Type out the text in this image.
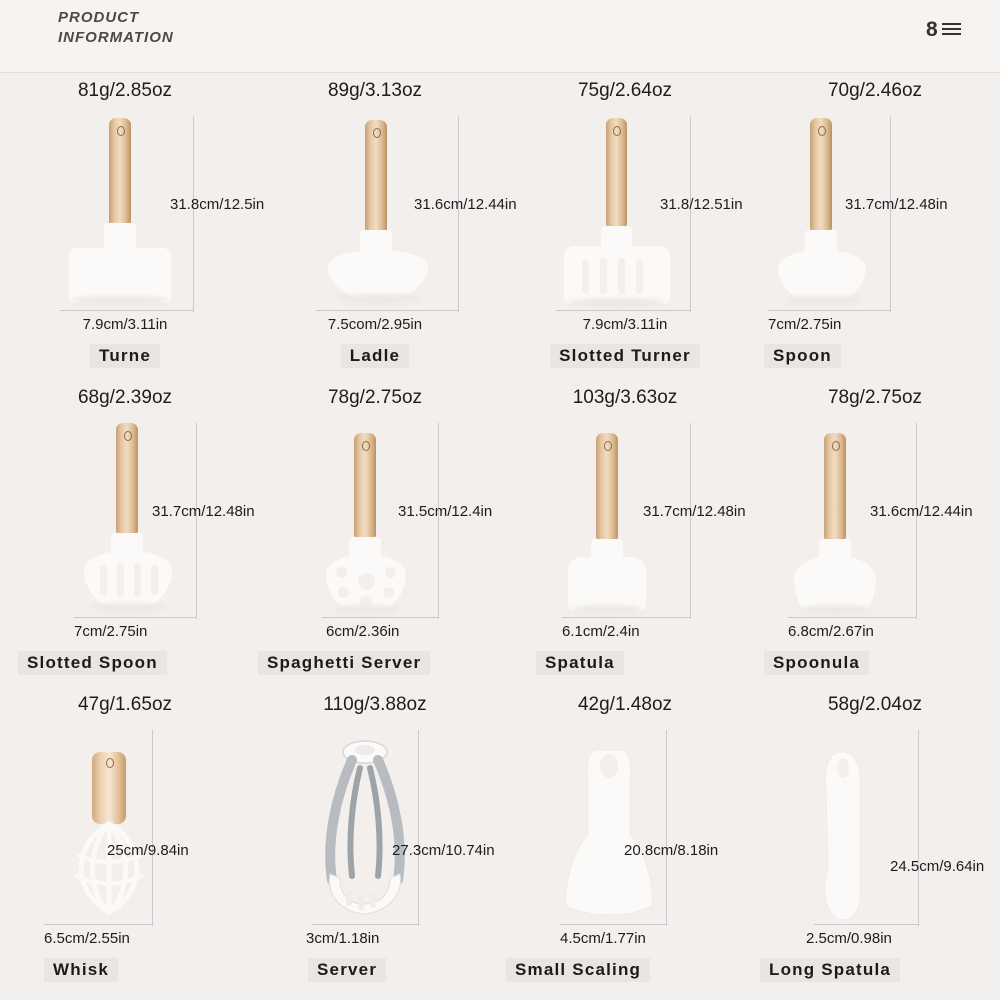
PRODUCT
INFORMATION	8
81g/2.85oz
31.8cm/12.5in
7.9cm/3.11in
Turne
89g/3.13oz
31.6cm/12.44in
7.5com/2.95in
Ladle
75g/2.64oz
31.8/12.51in
7.9cm/3.11in
Slotted Turner
70g/2.46oz
31.7cm/12.48in
7cm/2.75in
Spoon
68g/2.39oz
31.7cm/12.48in
7cm/2.75in
Slotted Spoon
78g/2.75oz
31.5cm/12.4in
6cm/2.36in
Spaghetti Server
103g/3.63oz
31.7cm/12.48in
6.1cm/2.4in
Spatula
78g/2.75oz
31.6cm/12.44in
6.8cm/2.67in
Spoonula
47g/1.65oz
25cm/9.84in
6.5cm/2.55in
Whisk
110g/3.88oz
27.3cm/10.74in
3cm/1.18in
Server
42g/1.48oz
20.8cm/8.18in
4.5cm/1.77in
Small Scaling
58g/2.04oz
24.5cm/9.64in
2.5cm/0.98in
Long Spatula
